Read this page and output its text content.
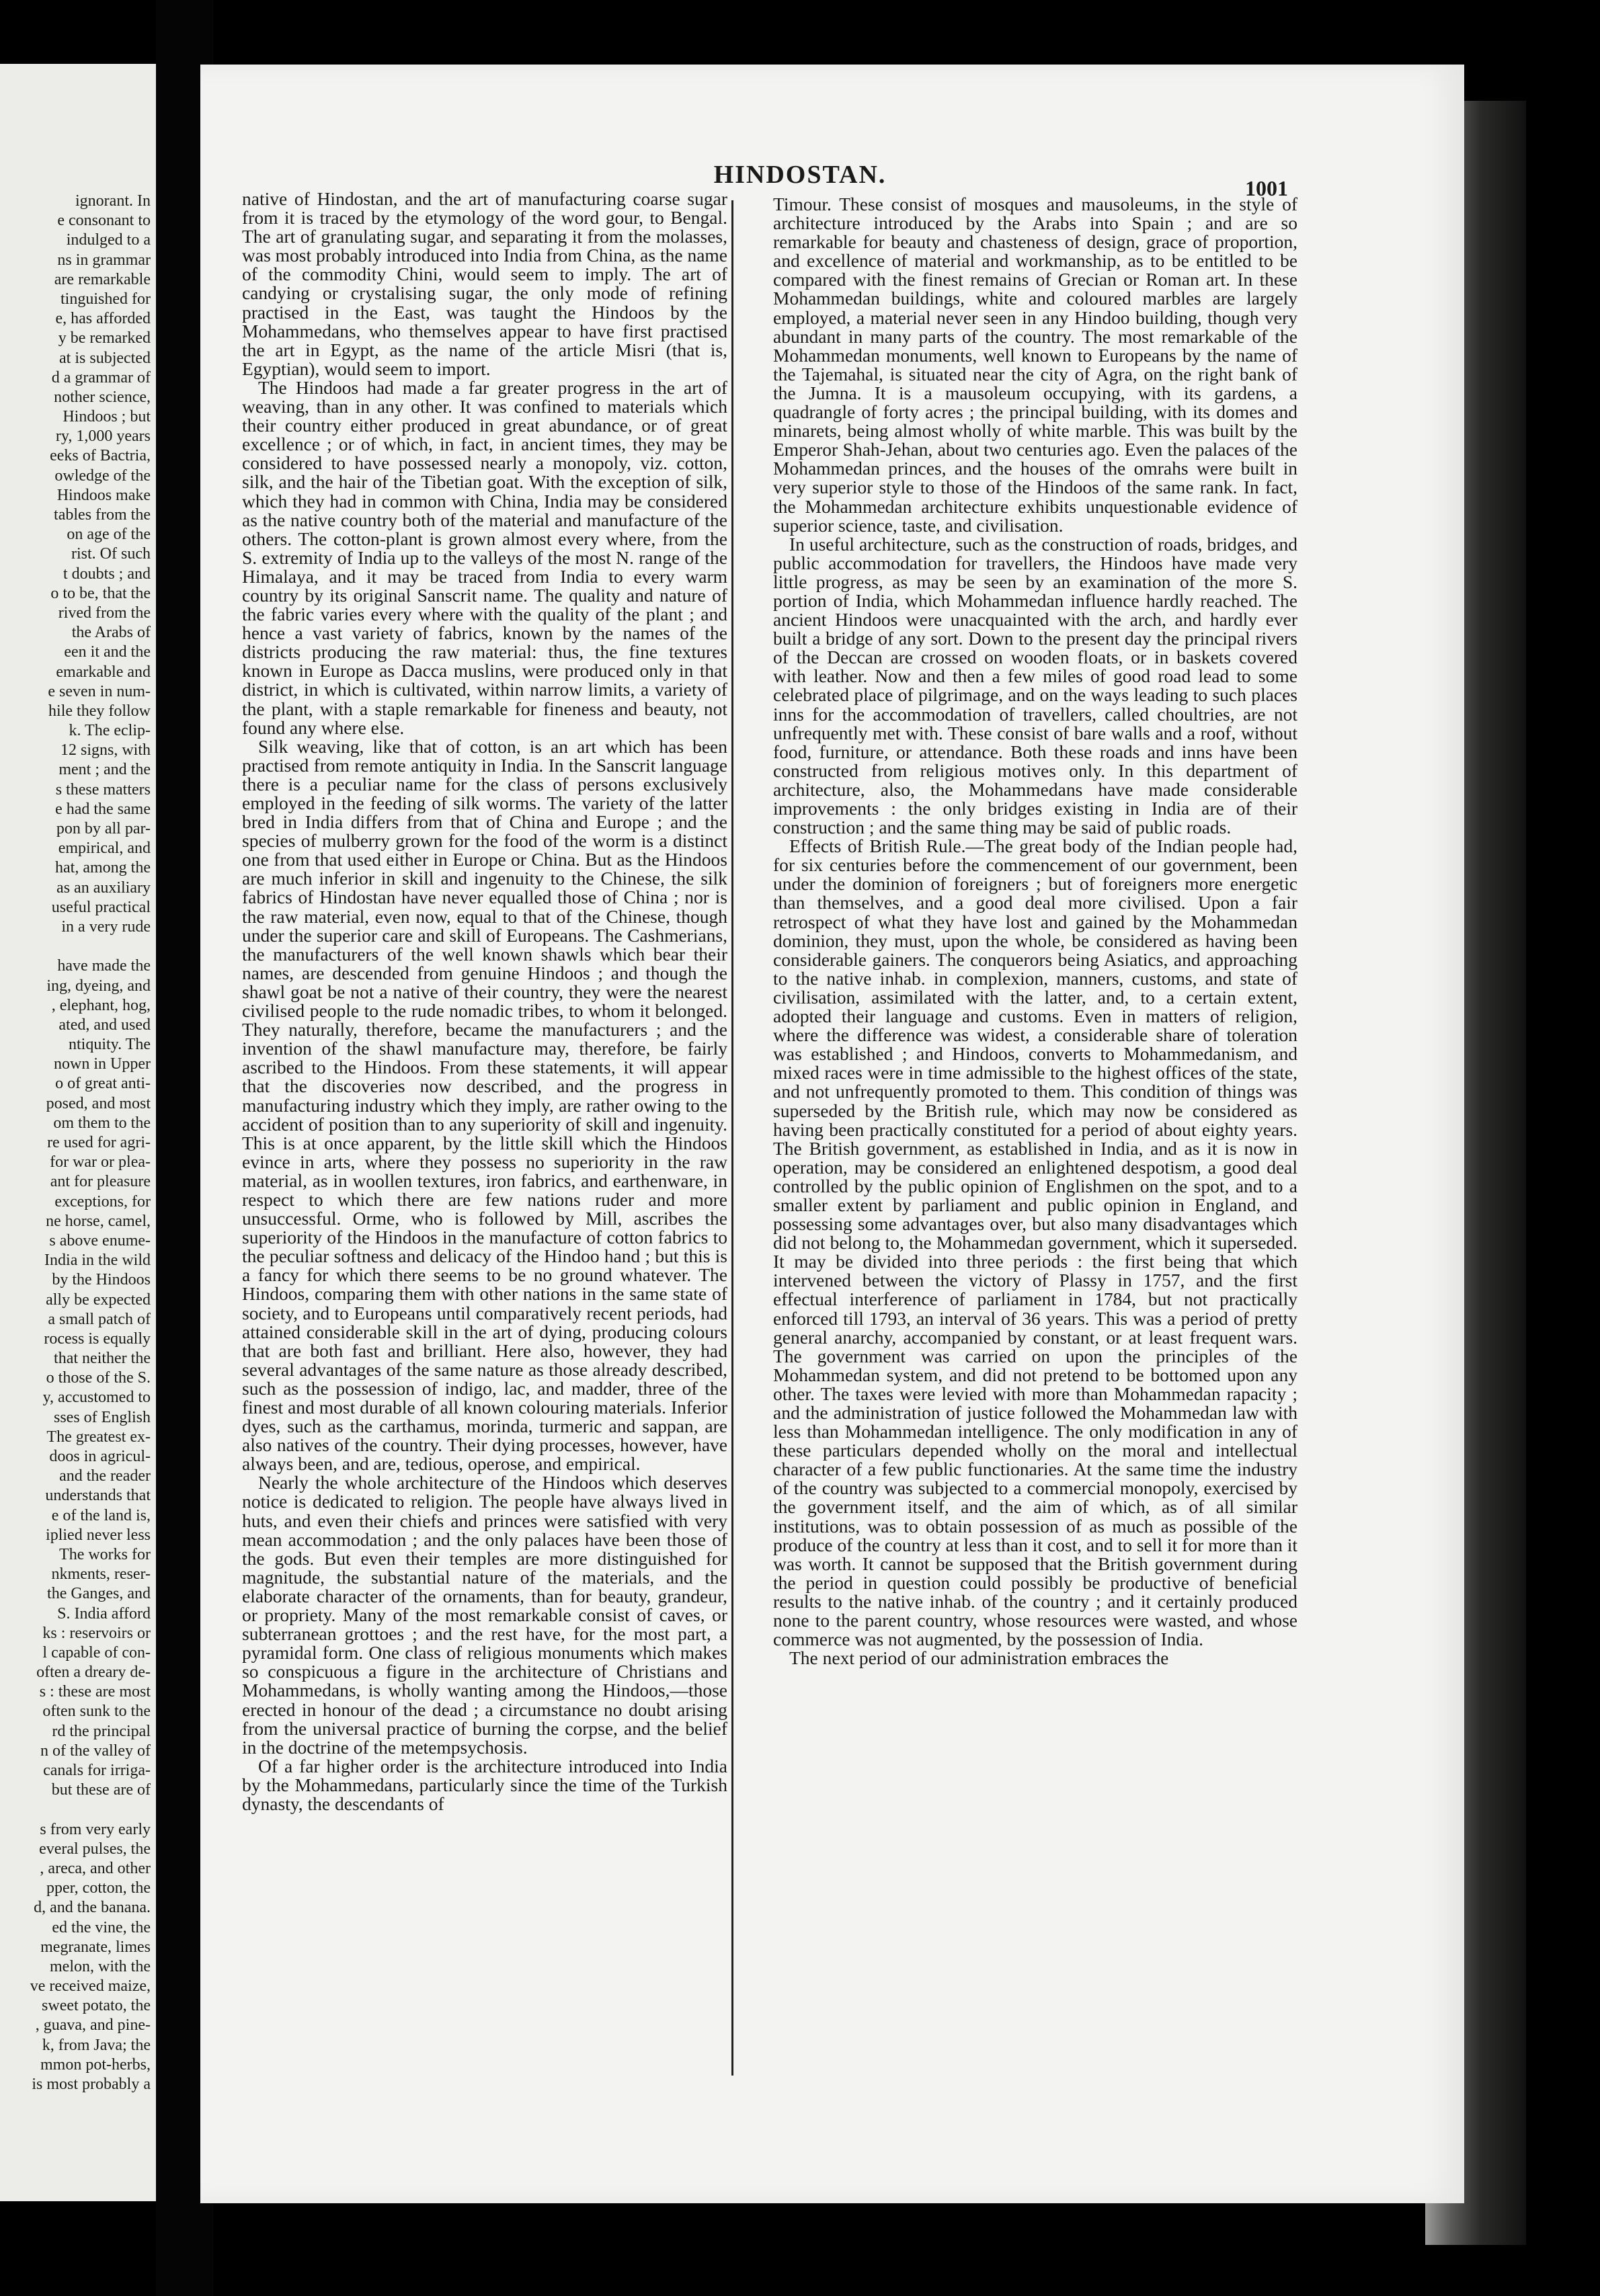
ignorant. In
e consonant to
indulged to a
ns in grammar
are remarkable
tinguished for
e, has afforded
y be remarked
at is subjected
d a grammar of
nother science,
Hindoos ; but
ry, 1,000 years
eeks of Bactria,
owledge of the
Hindoos make
tables from the
on age of the
rist. Of such
t doubts ; and
o to be, that the
rived from the
the Arabs of
een it and the
emarkable and
e seven in num-
hile they follow
k. The eclip-
12 signs, with
ment ; and the
s these matters
e had the same
pon by all par-
empirical, and
hat, among the
as an auxiliary
useful practical
in a very rude
have made the
ing, dyeing, and
, elephant, hog,
ated, and used
ntiquity. The
nown in Upper
o of great anti-
posed, and most
om them to the
re used for agri-
for war or plea-
ant for pleasure
exceptions, for
ne horse, camel,
s above enume-
India in the wild
by the Hindoos
ally be expected
a small patch of
rocess is equally
that neither the
o those of the S.
y, accustomed to
sses of English
The greatest ex-
doos in agricul-
and the reader
understands that
e of the land is,
iplied never less
The works for
nkments, reser-
the Ganges, and
S. India afford
ks : reservoirs or
l capable of con-
often a dreary de-
s : these are most
often sunk to the
rd the principal
n of the valley of
canals for irriga-
but these are of
s from very early
everal pulses, the
, areca, and other
pper, cotton, the
d, and the banana.
ed the vine, the
megranate, limes
melon, with the
ve received maize,
sweet potato, the
, guava, and pine-
k, from Java; the
mmon pot-herbs,
is most probably a
HINDOSTAN.	1001

native of Hindostan, and the art of manufacturing coarse sugar from it is traced by the etymology of the word gour, to Bengal. The art of granulating sugar, and separating it from the molasses, was most probably introduced into India from China, as the name of the commodity Chini, would seem to imply. The art of candying or crystalising sugar, the only mode of refining practised in the East, was taught the Hindoos by the Mohammedans, who themselves appear to have first practised the art in Egypt, as the name of the article Misri (that is, Egyptian), would seem to import.

The Hindoos had made a far greater progress in the art of weaving, than in any other. It was confined to materials which their country either produced in great abundance, or of great excellence ; or of which, in fact, in ancient times, they may be considered to have possessed nearly a monopoly, viz. cotton, silk, and the hair of the Tibetian goat. With the exception of silk, which they had in common with China, India may be considered as the native country both of the material and manufacture of the others. The cotton-plant is grown almost every where, from the S. extremity of India up to the valleys of the most N. range of the Himalaya, and it may be traced from India to every warm country by its original Sanscrit name. The quality and nature of the fabric varies every where with the quality of the plant ; and hence a vast variety of fabrics, known by the names of the districts producing the raw material: thus, the fine textures known in Europe as Dacca muslins, were produced only in that district, in which is cultivated, within narrow limits, a variety of the plant, with a staple remarkable for fineness and beauty, not found any where else.

Silk weaving, like that of cotton, is an art which has been practised from remote antiquity in India. In the Sanscrit language there is a peculiar name for the class of persons exclusively employed in the feeding of silk worms. The variety of the latter bred in India differs from that of China and Europe ; and the species of mulberry grown for the food of the worm is a distinct one from that used either in Europe or China. But as the Hindoos are much inferior in skill and ingenuity to the Chinese, the silk fabrics of Hindostan have never equalled those of China ; nor is the raw material, even now, equal to that of the Chinese, though under the superior care and skill of Europeans. The Cashmerians, the manufacturers of the well known shawls which bear their names, are descended from genuine Hindoos ; and though the shawl goat be not a native of their country, they were the nearest civilised people to the rude nomadic tribes, to whom it belonged. They naturally, therefore, became the manufacturers ; and the invention of the shawl manufacture may, therefore, be fairly ascribed to the Hindoos. From these statements, it will appear that the discoveries now described, and the progress in manufacturing industry which they imply, are rather owing to the accident of position than to any superiority of skill and ingenuity. This is at once apparent, by the little skill which the Hindoos evince in arts, where they possess no superiority in the raw material, as in woollen textures, iron fabrics, and earthenware, in respect to which there are few nations ruder and more unsuccessful. Orme, who is followed by Mill, ascribes the superiority of the Hindoos in the manufacture of cotton fabrics to the peculiar softness and delicacy of the Hindoo hand ; but this is a fancy for which there seems to be no ground whatever. The Hindoos, comparing them with other nations in the same state of society, and to Europeans until comparatively recent periods, had attained considerable skill in the art of dying, producing colours that are both fast and brilliant. Here also, however, they had several advantages of the same nature as those already described, such as the possession of indigo, lac, and madder, three of the finest and most durable of all known colouring materials. Inferior dyes, such as the carthamus, morinda, turmeric and sappan, are also natives of the country. Their dying processes, however, have always been, and are, tedious, operose, and empirical.

Nearly the whole architecture of the Hindoos which deserves notice is dedicated to religion. The people have always lived in huts, and even their chiefs and princes were satisfied with very mean accommodation ; and the only palaces have been those of the gods. But even their temples are more distinguished for magnitude, the substantial nature of the materials, and the elaborate character of the ornaments, than for beauty, grandeur, or propriety. Many of the most remarkable consist of caves, or subterranean grottoes ; and the rest have, for the most part, a pyramidal form. One class of religious monuments which makes so conspicuous a figure in the architecture of Christians and Mohammedans, is wholly wanting among the Hindoos,—those erected in honour of the dead ; a circumstance no doubt arising from the universal practice of burning the corpse, and the belief in the doctrine of the metempsychosis.

Of a far higher order is the architecture introduced into India by the Mohammedans, particularly since the time of the Turkish dynasty, the descendants of

Timour. These consist of mosques and mausoleums, in the style of architecture introduced by the Arabs into Spain ; and are so remarkable for beauty and chasteness of design, grace of proportion, and excellence of material and workmanship, as to be entitled to be compared with the finest remains of Grecian or Roman art. In these Mohammedan buildings, white and coloured marbles are largely employed, a material never seen in any Hindoo building, though very abundant in many parts of the country. The most remarkable of the Mohammedan monuments, well known to Europeans by the name of the Tajemahal, is situated near the city of Agra, on the right bank of the Jumna. It is a mausoleum occupying, with its gardens, a quadrangle of forty acres ; the principal building, with its domes and minarets, being almost wholly of white marble. This was built by the Emperor Shah-Jehan, about two centuries ago. Even the palaces of the Mohammedan princes, and the houses of the omrahs were built in very superior style to those of the Hindoos of the same rank. In fact, the Mohammedan architecture exhibits unquestionable evidence of superior science, taste, and civilisation.

In useful architecture, such as the construction of roads, bridges, and public accommodation for travellers, the Hindoos have made very little progress, as may be seen by an examination of the more S. portion of India, which Mohammedan influence hardly reached. The ancient Hindoos were unacquainted with the arch, and hardly ever built a bridge of any sort. Down to the present day the principal rivers of the Deccan are crossed on wooden floats, or in baskets covered with leather. Now and then a few miles of good road lead to some celebrated place of pilgrimage, and on the ways leading to such places inns for the accommodation of travellers, called choultries, are not unfrequently met with. These consist of bare walls and a roof, without food, furniture, or attendance. Both these roads and inns have been constructed from religious motives only. In this department of architecture, also, the Mohammedans have made considerable improvements : the only bridges existing in India are of their construction ; and the same thing may be said of public roads.

Effects of British Rule.—The great body of the Indian people had, for six centuries before the commencement of our government, been under the dominion of foreigners ; but of foreigners more energetic than themselves, and a good deal more civilised. Upon a fair retrospect of what they have lost and gained by the Mohammedan dominion, they must, upon the whole, be considered as having been considerable gainers. The conquerors being Asiatics, and approaching to the native inhab. in complexion, manners, customs, and state of civilisation, assimilated with the latter, and, to a certain extent, adopted their language and customs. Even in matters of religion, where the difference was widest, a considerable share of toleration was established ; and Hindoos, converts to Mohammedanism, and mixed races were in time admissible to the highest offices of the state, and not unfrequently promoted to them. This condition of things was superseded by the British rule, which may now be considered as having been practically constituted for a period of about eighty years. The British government, as established in India, and as it is now in operation, may be considered an enlightened despotism, a good deal controlled by the public opinion of Englishmen on the spot, and to a smaller extent by parliament and public opinion in England, and possessing some advantages over, but also many disadvantages which did not belong to, the Mohammedan government, which it superseded. It may be divided into three periods : the first being that which intervened between the victory of Plassy in 1757, and the first effectual interference of parliament in 1784, but not practically enforced till 1793, an interval of 36 years. This was a period of pretty general anarchy, accompanied by constant, or at least frequent wars. The government was carried on upon the principles of the Mohammedan system, and did not pretend to be bottomed upon any other. The taxes were levied with more than Mohammedan rapacity ; and the administration of justice followed the Mohammedan law with less than Mohammedan intelligence. The only modification in any of these particulars depended wholly on the moral and intellectual character of a few public functionaries. At the same time the industry of the country was subjected to a commercial monopoly, exercised by the government itself, and the aim of which, as of all similar institutions, was to obtain possession of as much as possible of the produce of the country at less than it cost, and to sell it for more than it was worth. It cannot be supposed that the British government during the period in question could possibly be productive of beneficial results to the native inhab. of the country ; and it certainly produced none to the parent country, whose resources were wasted, and whose commerce was not augmented, by the possession of India.

The next period of our administration embraces the
